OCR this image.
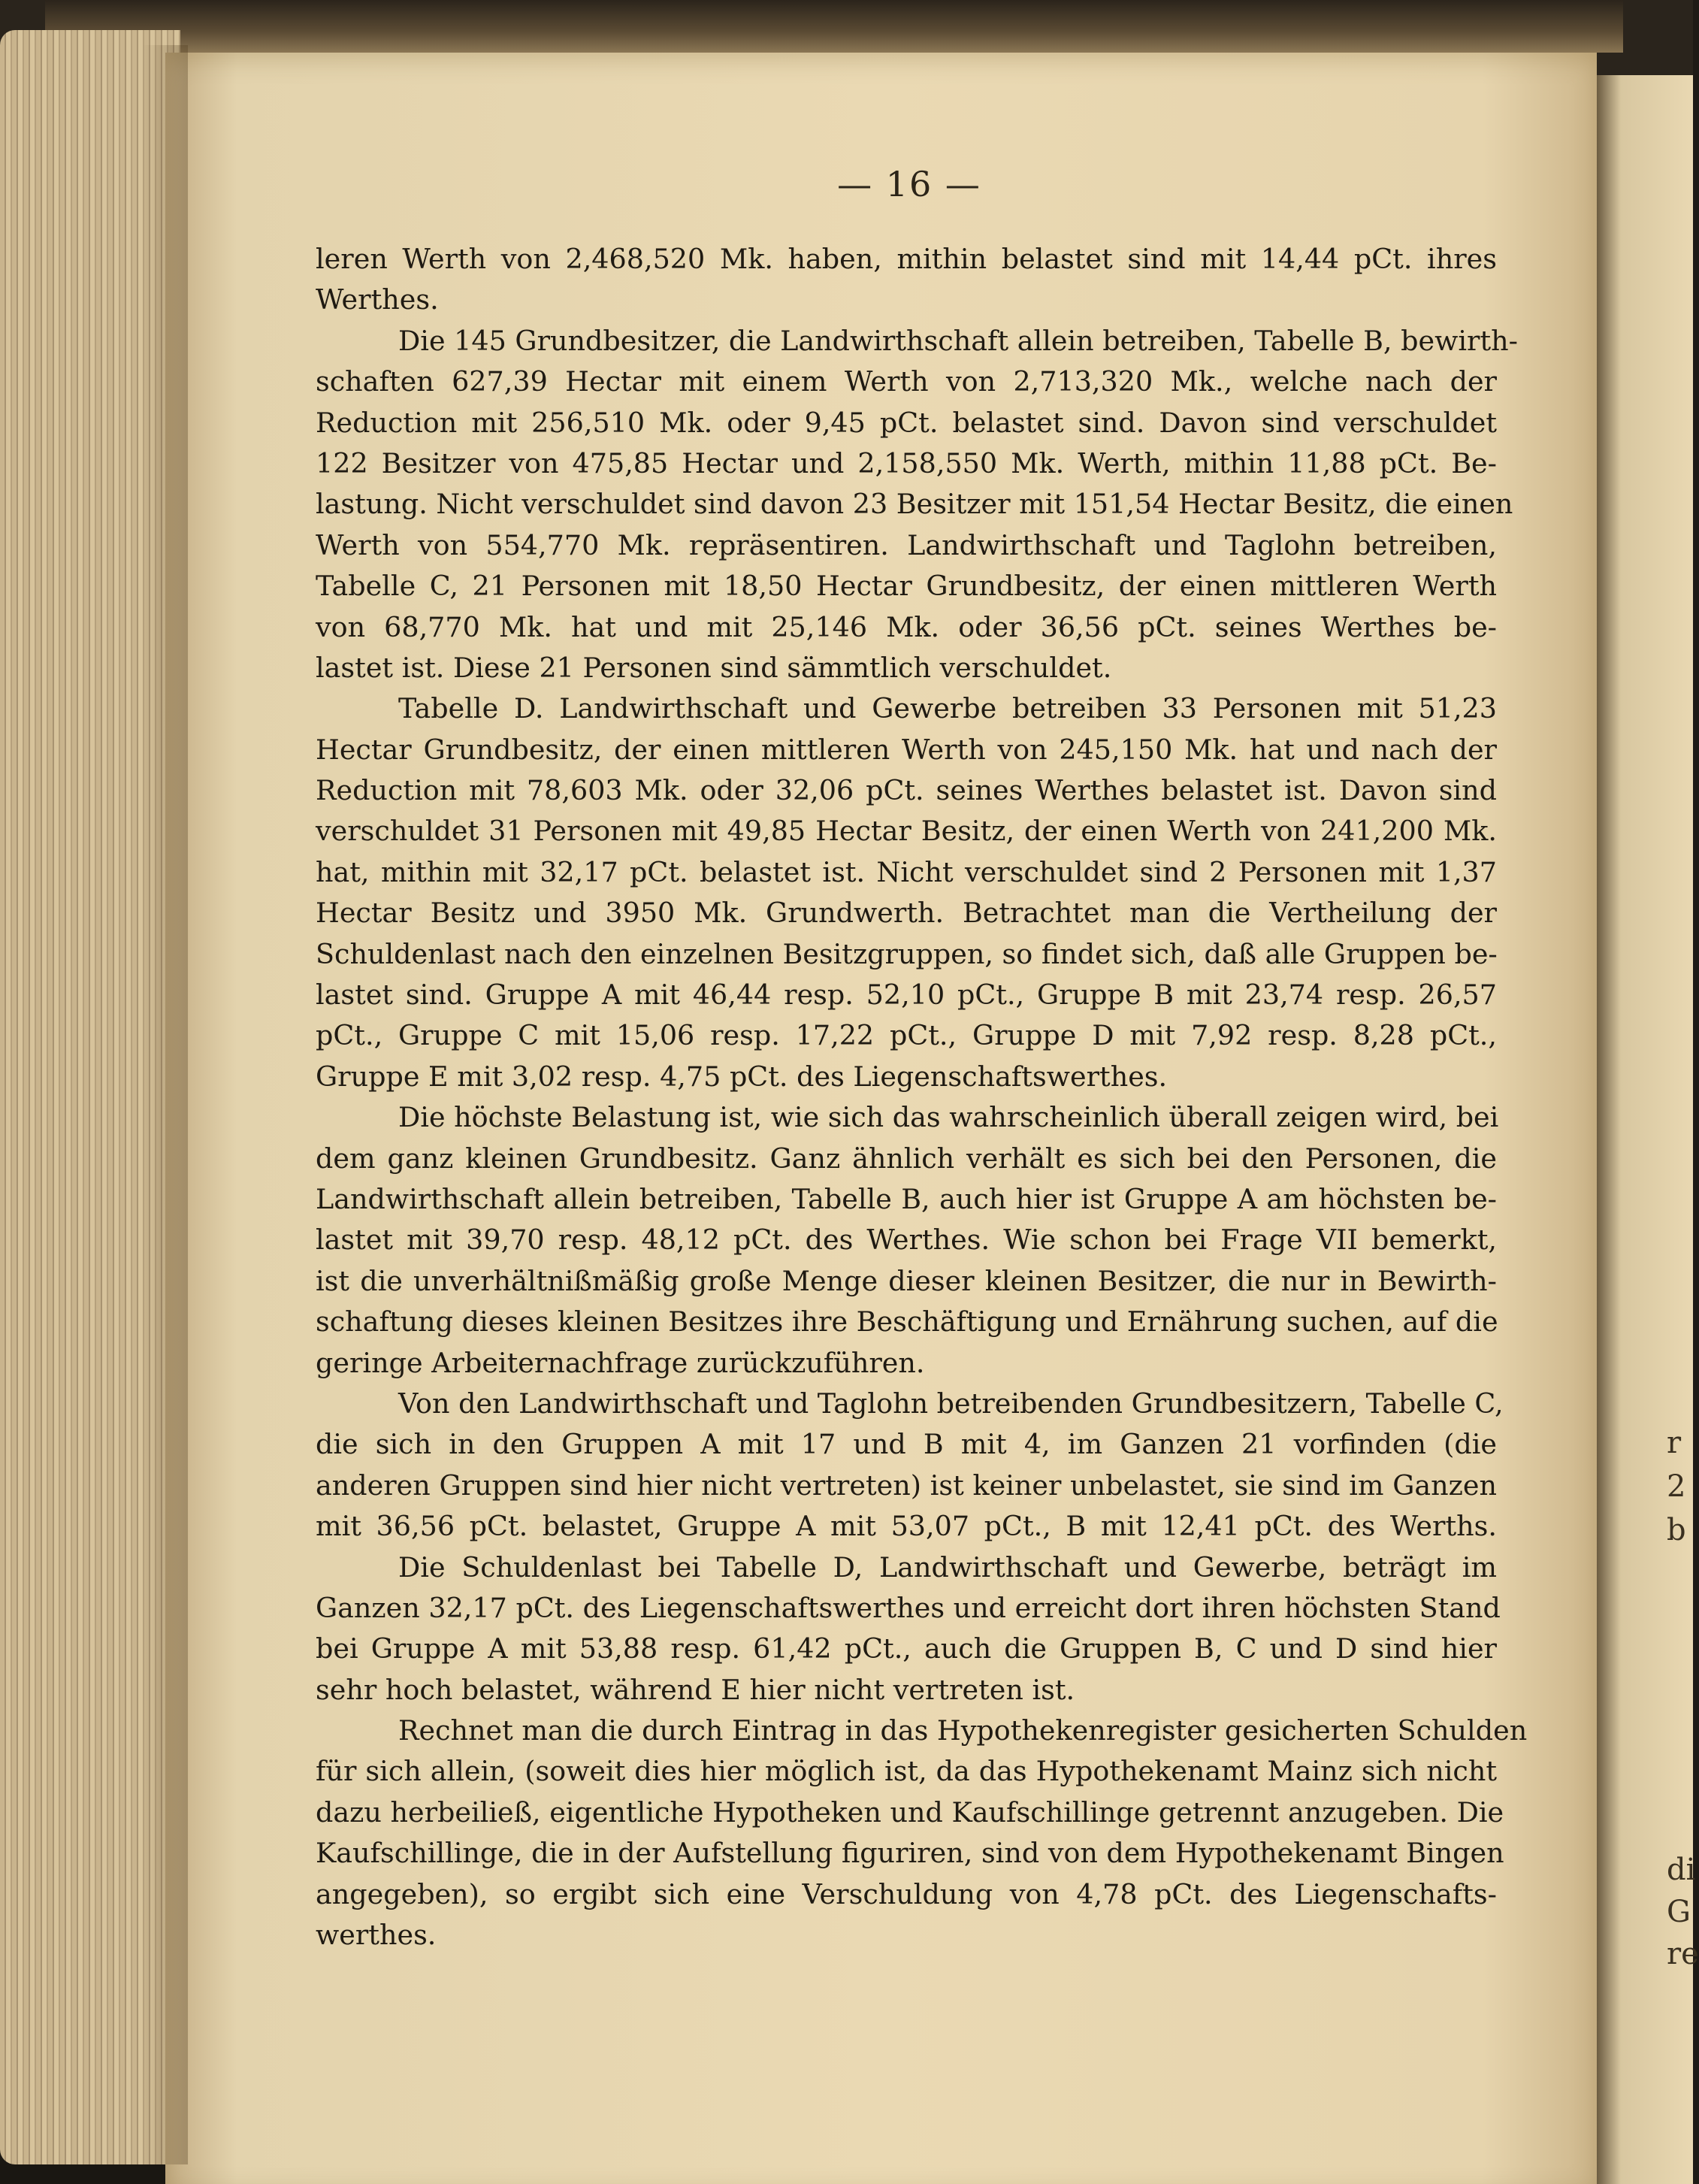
r
2
b
di
G
re
— 16 —
leren Werth von 2,468,520 Mk. haben, mithin belastet sind mit 14,44 pCt. ihres
Werthes.
Die 145 Grundbesitzer, die Landwirthschaft allein betreiben, Tabelle B, bewirth-
schaften 627,39 Hectar mit einem Werth von 2,713,320 Mk., welche nach der
Reduction mit 256,510 Mk. oder 9,45 pCt. belastet sind. Davon sind verschuldet
122 Besitzer von 475,85 Hectar und 2,158,550 Mk. Werth, mithin 11,88 pCt. Be-
lastung. Nicht verschuldet sind davon 23 Besitzer mit 151,54 Hectar Besitz, die einen
Werth von 554,770 Mk. repräsentiren. Landwirthschaft und Taglohn betreiben,
Tabelle C, 21 Personen mit 18,50 Hectar Grundbesitz, der einen mittleren Werth
von 68,770 Mk. hat und mit 25,146 Mk. oder 36,56 pCt. seines Werthes be-
lastet ist. Diese 21 Personen sind sämmtlich verschuldet.
Tabelle D. Landwirthschaft und Gewerbe betreiben 33 Personen mit 51,23
Hectar Grundbesitz, der einen mittleren Werth von 245,150 Mk. hat und nach der
Reduction mit 78,603 Mk. oder 32,06 pCt. seines Werthes belastet ist. Davon sind
verschuldet 31 Personen mit 49,85 Hectar Besitz, der einen Werth von 241,200 Mk.
hat, mithin mit 32,17 pCt. belastet ist. Nicht verschuldet sind 2 Personen mit 1,37
Hectar Besitz und 3950 Mk. Grundwerth. Betrachtet man die Vertheilung der
Schuldenlast nach den einzelnen Besitzgruppen, so findet sich, daß alle Gruppen be-
lastet sind. Gruppe A mit 46,44 resp. 52,10 pCt., Gruppe B mit 23,74 resp. 26,57
pCt., Gruppe C mit 15,06 resp. 17,22 pCt., Gruppe D mit 7,92 resp. 8,28 pCt.,
Gruppe E mit 3,02 resp. 4,75 pCt. des Liegenschaftswerthes.
Die höchste Belastung ist, wie sich das wahrscheinlich überall zeigen wird, bei
dem ganz kleinen Grundbesitz. Ganz ähnlich verhält es sich bei den Personen, die
Landwirthschaft allein betreiben, Tabelle B, auch hier ist Gruppe A am höchsten be-
lastet mit 39,70 resp. 48,12 pCt. des Werthes. Wie schon bei Frage VII bemerkt,
ist die unverhältnißmäßig große Menge dieser kleinen Besitzer, die nur in Bewirth-
schaftung dieses kleinen Besitzes ihre Beschäftigung und Ernährung suchen, auf die
geringe Arbeiternachfrage zurückzuführen.
Von den Landwirthschaft und Taglohn betreibenden Grundbesitzern, Tabelle C,
die sich in den Gruppen A mit 17 und B mit 4, im Ganzen 21 vorfinden (die
anderen Gruppen sind hier nicht vertreten) ist keiner unbelastet, sie sind im Ganzen
mit 36,56 pCt. belastet, Gruppe A mit 53,07 pCt., B mit 12,41 pCt. des Werths.
Die Schuldenlast bei Tabelle D, Landwirthschaft und Gewerbe, beträgt im
Ganzen 32,17 pCt. des Liegenschaftswerthes und erreicht dort ihren höchsten Stand
bei Gruppe A mit 53,88 resp. 61,42 pCt., auch die Gruppen B, C und D sind hier
sehr hoch belastet, während E hier nicht vertreten ist.
Rechnet man die durch Eintrag in das Hypothekenregister gesicherten Schulden
für sich allein, (soweit dies hier möglich ist, da das Hypothekenamt Mainz sich nicht
dazu herbeiließ, eigentliche Hypotheken und Kaufschillinge getrennt anzugeben. Die
Kaufschillinge, die in der Aufstellung figuriren, sind von dem Hypothekenamt Bingen
angegeben), so ergibt sich eine Verschuldung von 4,78 pCt. des Liegenschafts-
werthes.
